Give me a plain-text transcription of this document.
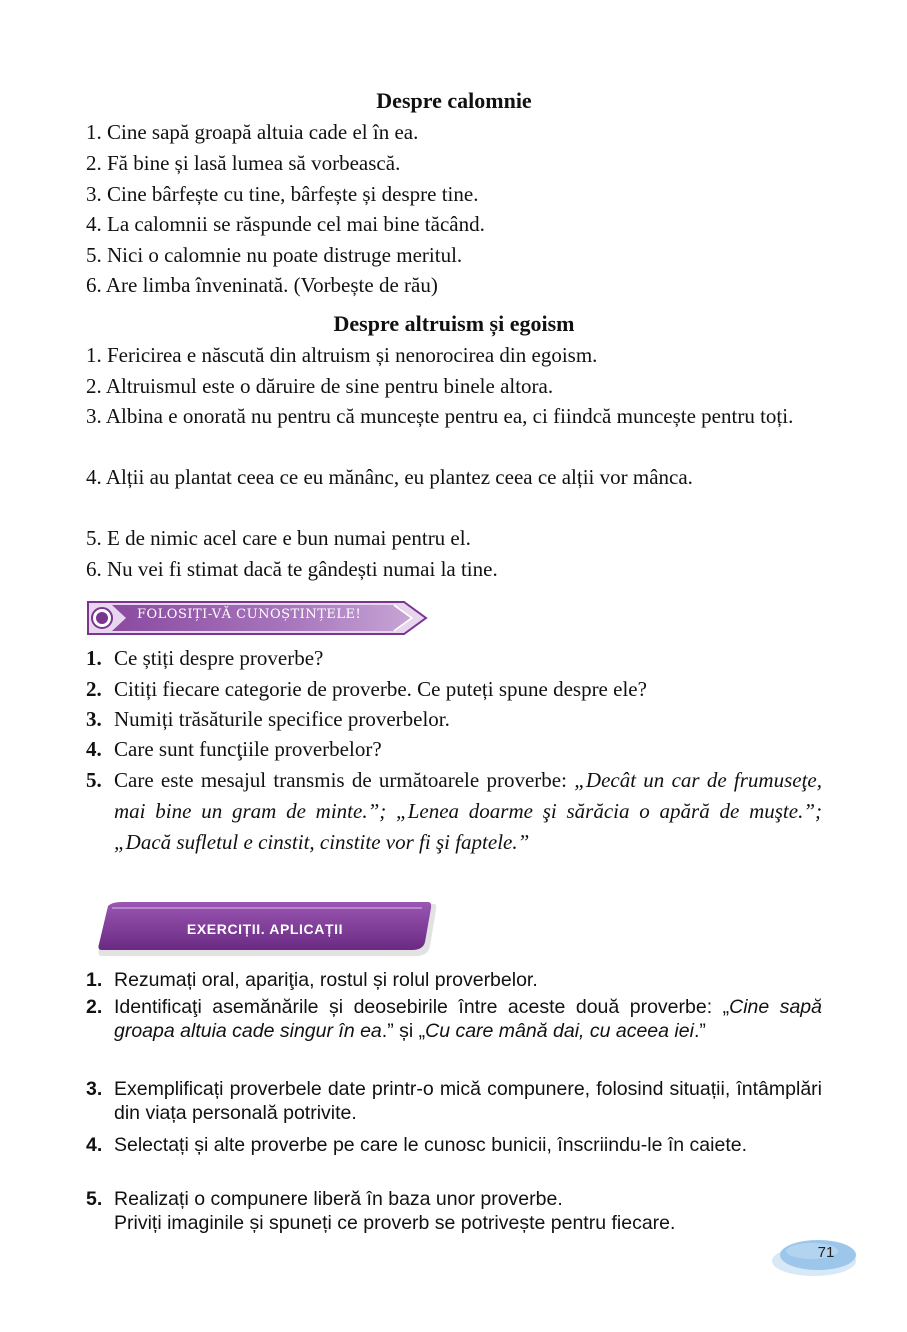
Despre calomnie
1. Cine sapă groapă altuia cade el în ea.
2. Fă bine și lasă lumea să vorbească.
3. Cine bârfește cu tine, bârfește și despre tine.
4. La calomnii se răspunde cel mai bine tăcând.
5. Nici o calomnie nu poate distruge meritul.
6. Are limba înveninată. (Vorbește de rău)
Despre altruism și egoism
1. Fericirea e născută din altruism și nenorocirea din egoism.
2. Altruismul este o dăruire de sine pentru binele altora.
3. Albina e onorată nu pentru că muncește pentru ea, ci fiindcă muncește pentru toți.
4. Alții au plantat ceea ce eu mănânc, eu plantez ceea ce alții vor mânca.
5. E de nimic acel care e bun numai pentru el.
6. Nu vei fi stimat dacă te gândești numai la tine.
FOLOSIȚI-VĂ CUNOȘTINȚELE!
1. Ce știți despre proverbe?
2. Citiți fiecare categorie de proverbe. Ce puteți spune despre ele?
3. Numiți trăsăturile specifice proverbelor.
4. Care sunt funcţiile proverbelor?
5. Care este mesajul transmis de următoarele proverbe: „Decât un car de frumuseţe, mai bine un gram de minte.”; „Lenea doarme şi sărăcia o apără de muşte.”; „Dacă sufletul e cinstit, cinstite vor fi şi faptele.”
EXERCIȚII. APLICAȚII
1. Rezumați oral, apariţia, rostul și rolul proverbelor.
2. Identificaţi asemănările și deosebirile între aceste două proverbe: „Cine sapă groapa altuia cade singur în ea.” și „Cu care mână dai, cu aceea iei.”
3. Exemplificați proverbele date printr-o mică compunere, folosind situații, întâmplări din viața personală potrivite.
4. Selectați și alte proverbe pe care le cunosc bunicii, înscriindu-le în caiete.
5. Realizați o compunere liberă în baza unor proverbe.
Priviți imaginile și spuneți ce proverb se potrivește pentru fiecare.
71
